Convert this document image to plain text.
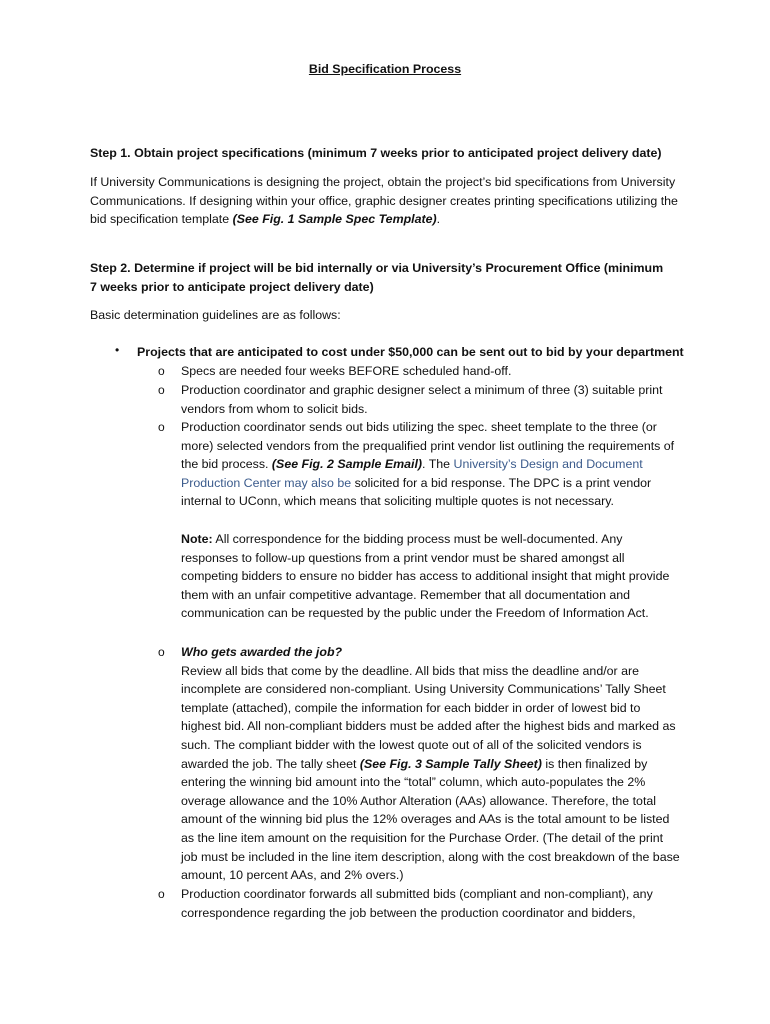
Bid Specification Process
Step 1. Obtain project specifications (minimum 7 weeks prior to anticipated project delivery date)
If University Communications is designing the project, obtain the project’s bid specifications from University Communications. If designing within your office, graphic designer creates printing specifications utilizing the bid specification template (See Fig. 1 Sample Spec Template).
Step 2. Determine if project will be bid internally or via University’s Procurement Office (minimum 7 weeks prior to anticipate project delivery date)
Basic determination guidelines are as follows:
• Projects that are anticipated to cost under $50,000 can be sent out to bid by your department
o Specs are needed four weeks BEFORE scheduled hand-off.
o Production coordinator and graphic designer select a minimum of three (3) suitable print vendors from whom to solicit bids.
o Production coordinator sends out bids utilizing the spec. sheet template to the three (or more) selected vendors from the prequalified print vendor list outlining the requirements of the bid process. (See Fig. 2 Sample Email). The University’s Design and Document Production Center may also be solicited for a bid response. The DPC is a print vendor internal to UConn, which means that soliciting multiple quotes is not necessary.
Note: All correspondence for the bidding process must be well-documented. Any responses to follow-up questions from a print vendor must be shared amongst all competing bidders to ensure no bidder has access to additional insight that might provide them with an unfair competitive advantage. Remember that all documentation and communication can be requested by the public under the Freedom of Information Act.
o Who gets awarded the job?
Review all bids that come by the deadline. All bids that miss the deadline and/or are incomplete are considered non-compliant. Using University Communications’ Tally Sheet template (attached), compile the information for each bidder in order of lowest bid to highest bid. All non-compliant bidders must be added after the highest bids and marked as such. The compliant bidder with the lowest quote out of all of the solicited vendors is awarded the job. The tally sheet (See Fig. 3 Sample Tally Sheet) is then finalized by entering the winning bid amount into the “total” column, which auto-populates the 2% overage allowance and the 10% Author Alteration (AAs) allowance. Therefore, the total amount of the winning bid plus the 12% overages and AAs is the total amount to be listed as the line item amount on the requisition for the Purchase Order. (The detail of the print job must be included in the line item description, along with the cost breakdown of the base amount, 10 percent AAs, and 2% overs.)
o Production coordinator forwards all submitted bids (compliant and non-compliant), any correspondence regarding the job between the production coordinator and bidders,
